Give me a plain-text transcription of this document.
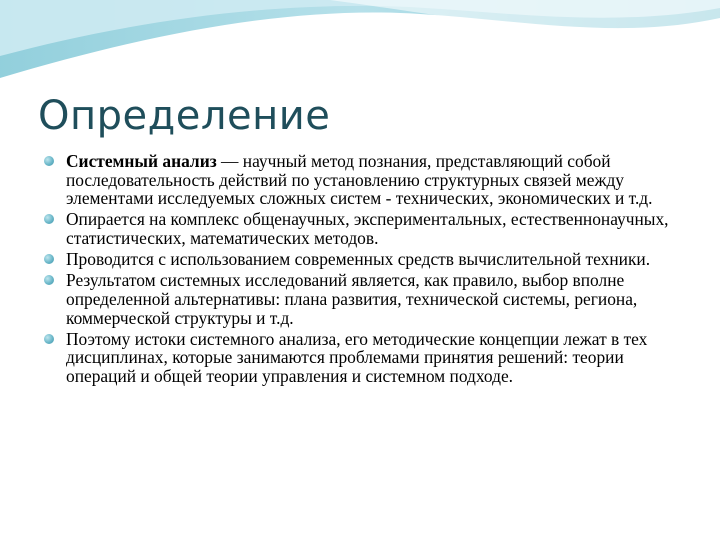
Определение
Системный анализ — научный метод познания, представляющий собой последовательность действий по установлению структурных связей между элементами исследуемых сложных систем - технических, экономических и т.д.
Опирается на комплекс общенаучных, экспериментальных, естественнонаучных, статистических, математических методов.
Проводится с использованием современных средств вычислительной техники.
Результатом системных исследований является, как правило, выбор вполне определенной альтернативы: плана развития, технической системы, региона, коммерческой структуры и т.д.
Поэтому истоки системного анализа, его методические концепции лежат в тех дисциплинах, которые занимаются проблемами принятия решений: теории операций и общей теории управления и системном подходе.
